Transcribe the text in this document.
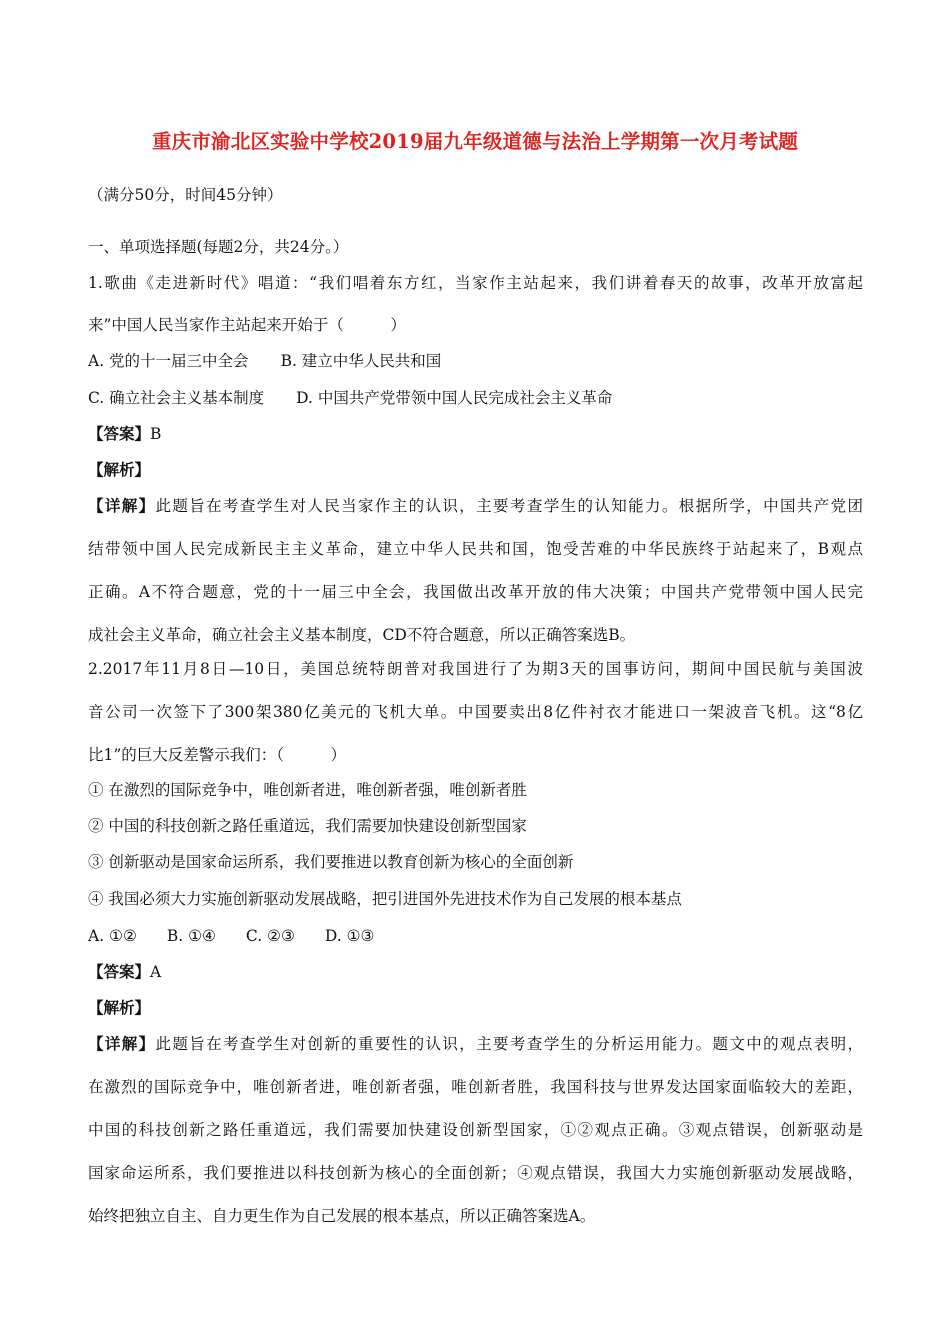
重庆市渝北区实验中学校2019届九年级道德与法治上学期第一次月考试题
（满分50分，时间45分钟）
一、单项选择题(每题2分，共24分。）
1.歌曲《走进新时代》唱道：“我们唱着东方红，当家作主站起来，我们讲着春天的故事，改革开放富起
来”中国人民当家作主站起来开始于（　　　）
A. 党的十一届三中全会 B. 建立中华人民共和国
C. 确立社会主义基本制度 D. 中国共产党带领中国人民完成社会主义革命
【答案】B
【解析】
【详解】此题旨在考查学生对人民当家作主的认识，主要考查学生的认知能力。根据所学，中国共产党团
结带领中国人民完成新民主主义革命，建立中华人民共和国，饱受苦难的中华民族终于站起来了，B观点
正确。A不符合题意，党的十一届三中全会，我国做出改革开放的伟大决策；中国共产党带领中国人民完
成社会主义革命，确立社会主义基本制度，CD不符合题意，所以正确答案选B。
2.2017年11月8日—10日，美国总统特朗普对我国进行了为期3天的国事访问，期间中国民航与美国波
音公司一次签下了300架380亿美元的飞机大单。中国要卖出8亿件衬衣才能进口一架波音飞机。这“8亿
比1”的巨大反差警示我们：（　　　）
① 在激烈的国际竞争中，唯创新者进，唯创新者强，唯创新者胜
② 中国的科技创新之路任重道远，我们需要加快建设创新型国家
③ 创新驱动是国家命运所系，我们要推进以教育创新为核心的全面创新
④ 我国必须大力实施创新驱动发展战略，把引进国外先进技术作为自己发展的根本基点
A. ①② B. ①④ C. ②③ D. ①③
【答案】A
【解析】
【详解】此题旨在考查学生对创新的重要性的认识，主要考查学生的分析运用能力。题文中的观点表明，
在激烈的国际竞争中，唯创新者进，唯创新者强，唯创新者胜，我国科技与世界发达国家面临较大的差距，
中国的科技创新之路任重道远，我们需要加快建设创新型国家，①②观点正确。③观点错误，创新驱动是
国家命运所系，我们要推进以科技创新为核心的全面创新；④观点错误，我国大力实施创新驱动发展战略，
始终把独立自主、自力更生作为自己发展的根本基点，所以正确答案选A。
